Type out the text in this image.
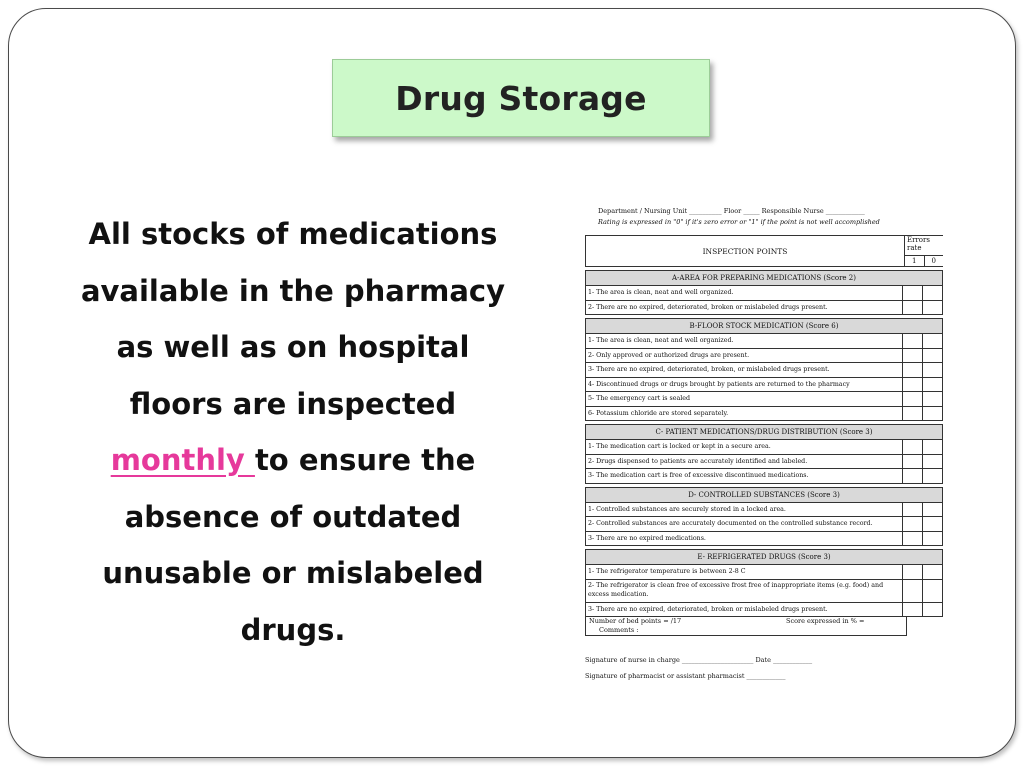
Drug Storage
All stocks of medications
available in the pharmacy
as well as on hospital
floors are inspected
monthly to ensure the
absence of outdated
unusable or mislabeled
drugs.
Department / Nursing Unit __________ Floor _____ Responsible Nurse ____________
Rating is expressed in "0" if it's zero error or "1" if the point is not well accomplished
INSPECTION POINTS
Errors rate
1	0
A-AREA FOR PREPARING MEDICATIONS (Score 2)
1- The area is clean, neat and well organized.
2- There are no expired, deteriorated, broken or mislabeled drugs present.
B-FLOOR STOCK MEDICATION (Score 6)
1- The area is clean, neat and well organized.
2- Only approved or authorized drugs are present.
3- There are no expired, deteriorated, broken, or mislabeled drugs present.
4- Discontinued drugs or drugs brought by patients are returned to the pharmacy
5- The emergency cart is sealed
6- Potassium chloride are stored separately.
C- PATIENT MEDICATIONS/DRUG DISTRIBUTION (Score 3)
1- The medication cart is locked or kept in a secure area.
2- Drugs dispensed to patients are accurately identified and labeled.
3- The medication cart is free of excessive discontinued medications.
D- CONTROLLED SUBSTANCES (Score 3)
1- Controlled substances are securely stored in a locked area.
2- Controlled substances are accurately documented on the controlled substance record.
3- There are no expired medications.
E- REFRIGERATED DRUGS (Score 3)
1- The refrigerator temperature is between 2-8 C
2- The refrigerator is clean free of excessive frost free of inappropriate items (e.g. food) and excess medication.
3- There are no expired, deteriorated, broken or mislabeled drugs present.
Number of bed points = /17	Score expressed in % =
Comments :
Signature of nurse in charge ______________________ Date ____________
Signature of pharmacist or assistant pharmacist ____________
